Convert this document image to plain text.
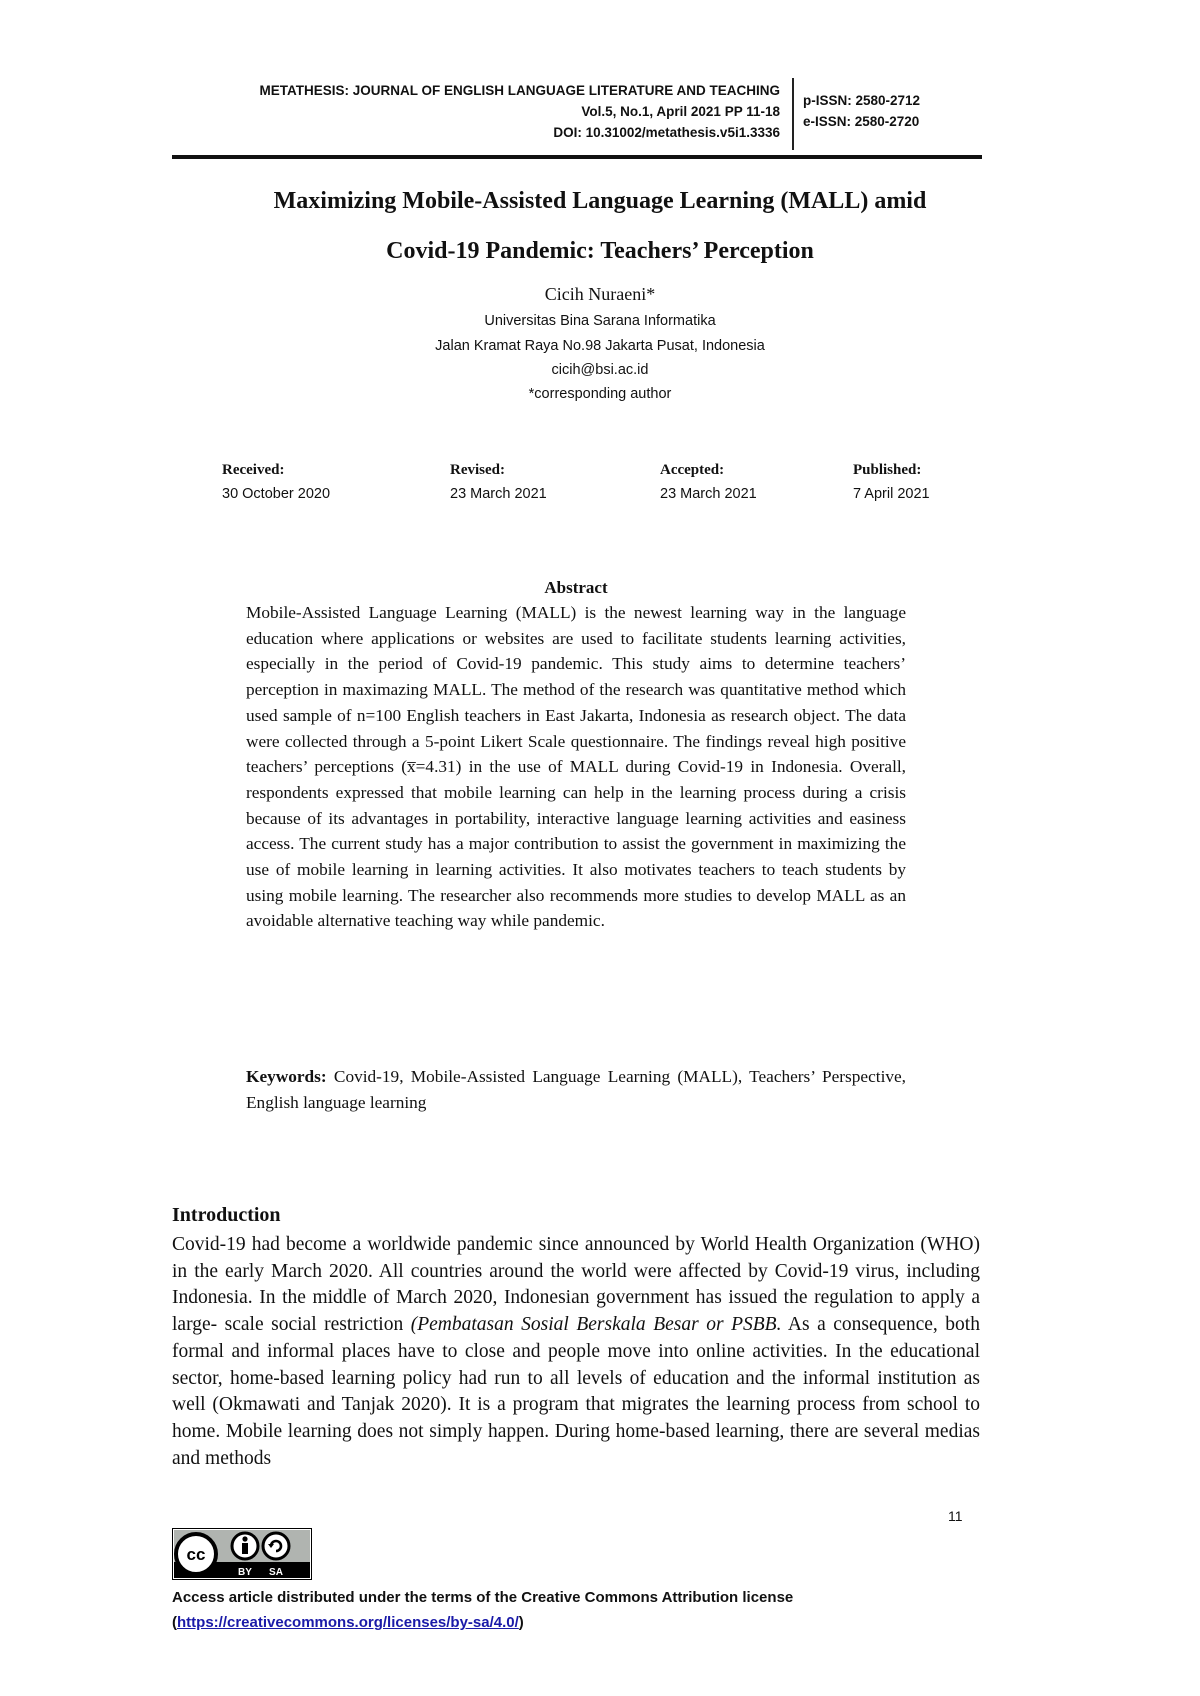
METATHESIS: JOURNAL OF ENGLISH LANGUAGE LITERATURE AND TEACHING
Vol.5, No.1, April 2021 PP 11-18
DOI: 10.31002/metathesis.v5i1.3336
p-ISSN: 2580-2712
e-ISSN: 2580-2720
Maximizing Mobile-Assisted Language Learning (MALL) amid
Covid-19 Pandemic: Teachers’ Perception
Cicih Nuraeni*
Universitas Bina Sarana Informatika
Jalan Kramat Raya No.98 Jakarta Pusat, Indonesia
cicih@bsi.ac.id
*corresponding author
Received:
30 October 2020
Revised:
23 March 2021
Accepted:
23 March 2021
Published:
7 April 2021
Abstract

Mobile-Assisted Language Learning (MALL) is the newest learning way in the language education where applications or websites are used to facilitate students learning activities, especially in the period of Covid-19 pandemic. This study aims to determine teachers’ perception in maximazing MALL. The method of the research was quantitative method which used sample of n=100 English teachers in East Jakarta, Indonesia as research object. The data were collected through a 5-point Likert Scale questionnaire. The findings reveal high positive teachers’ perceptions (x̅=4.31) in the use of MALL during Covid-19 in Indonesia. Overall, respondents expressed that mobile learning can help in the learning process during a crisis because of its advantages in portability, interactive language learning activities and easiness access. The current study has a major contribution to assist the government in maximizing the use of mobile learning in learning activities. It also motivates teachers to teach students by using mobile learning. The researcher also recommends more studies to develop MALL as an avoidable alternative teaching way while pandemic.

Keywords: Covid-19, Mobile-Assisted Language Learning (MALL), Teachers’ Perspective, English language learning

Introduction

Covid-19 had become a worldwide pandemic since announced by World Health Organization (WHO) in the early March 2020. All countries around the world were affected by Covid-19 virus, including Indonesia. In the middle of March 2020, Indonesian government has issued the regulation to apply a large- scale social restriction (Pembatasan Sosial Berskala Besar or PSBB. As a consequence, both formal and informal places have to close and people move into online activities. In the educational sector, home-based learning policy had run to all levels of education and the informal institution as well (Okmawati and Tanjak 2020). It is a program that migrates the learning process from school to home. Mobile learning does not simply happen. During home-based learning, there are several medias and methods

11
cc
BY SA
Access article distributed under the terms of the Creative Commons Attribution license
(https://creativecommons.org/licenses/by-sa/4.0/)
